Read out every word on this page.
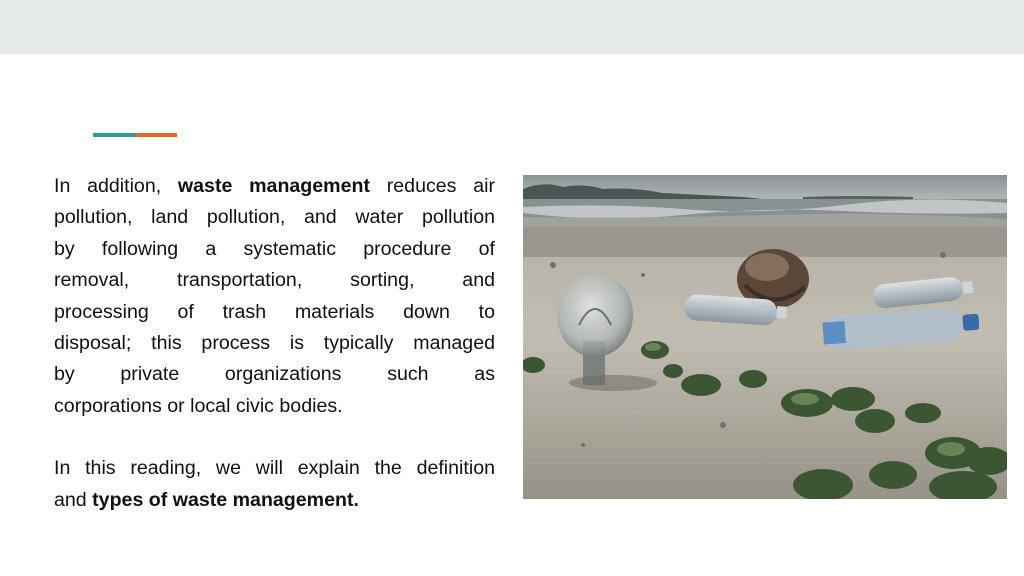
In addition, waste management reduces air
pollution, land pollution, and water pollution
by following a systematic procedure of
removal, transportation, sorting, and
processing of trash materials down to
disposal; this process is typically managed
by private organizations such as
corporations or local civic bodies.

In this reading, we will explain the definition
and types of waste management.
